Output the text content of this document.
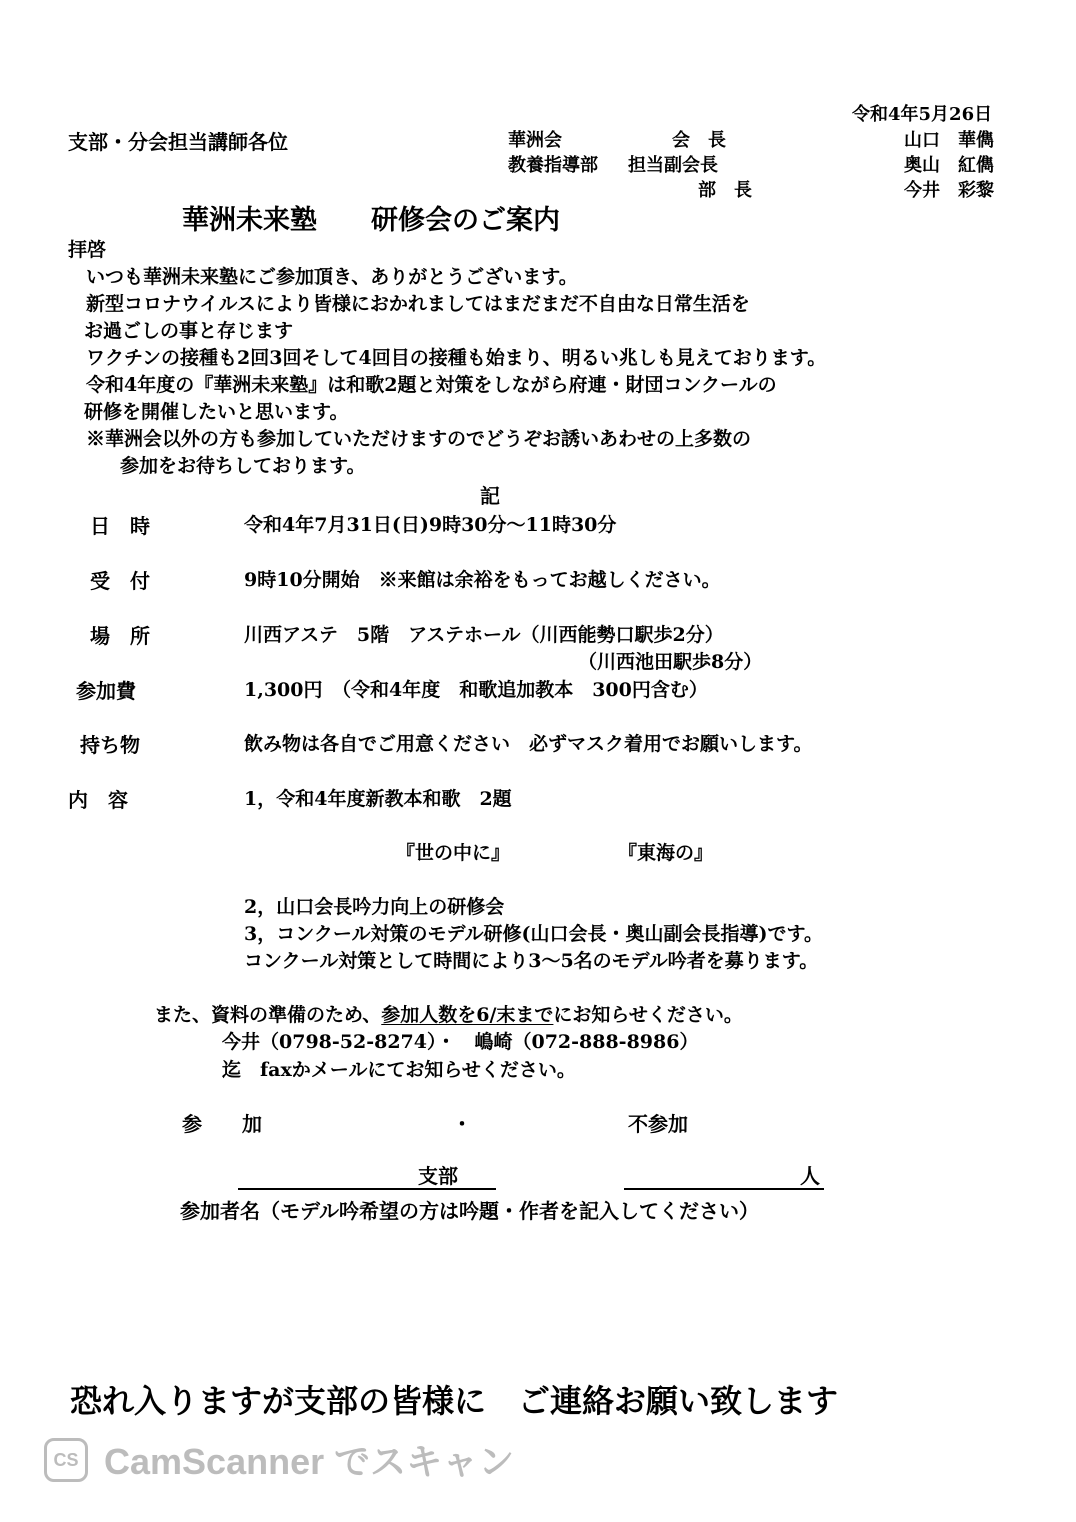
令和4年5月26日
支部・分会担当講師各位	華洲会	会　長	山口　華儁
教養指導部 担当副会長	奥山　紅儁
部　長	今井　彩黎
華洲未来塾　　研修会のご案内
拝啓
いつも華洲未来塾にご参加頂き、ありがとうございます。
新型コロナウイルスにより皆様におかれましてはまだまだ不自由な日常生活を
お過ごしの事と存じます
ワクチンの接種も2回3回そして4回目の接種も始まり、明るい兆しも見えております。
令和4年度の『華洲未来塾』は和歌2題と対策をしながら府連・財団コンクールの
研修を開催したいと思います。
※華洲会以外の方も参加していただけますのでどうぞお誘いあわせの上多数の
参加をお待ちしております。
記
日　時	令和4年7月31日(日)9時30分～11時30分
受　付	9時10分開始　※来館は余裕をもってお越しください。
場　所	川西アステ　5階　アステホール（川西能勢口駅歩2分）
（川西池田駅歩8分）
参加費	1,300円　（令和4年度　和歌追加教本　300円含む）
持ち物	飲み物は各自でご用意ください　必ずマスク着用でお願いします。
内　容	1，令和4年度新教本和歌　2題
『世の中に』	『東海の』
2，山口会長吟力向上の研修会
3，コンクール対策のモデル研修(山口会長・奥山副会長指導)です。
コンクール対策として時間により3～5名のモデル吟者を募ります。
また、資料の準備のため、参加人数を6/末までにお知らせください。
今井（0798-52-8274）・　嶋崎（072-888-8986）
迄　faxかメールにてお知らせください。
参　　加	・	不参加
支部	人
参加者名（モデル吟希望の方は吟題・作者を記入してください）
恐れ入りますが支部の皆様に　ご連絡お願い致します
CS CamScanner でスキャン
